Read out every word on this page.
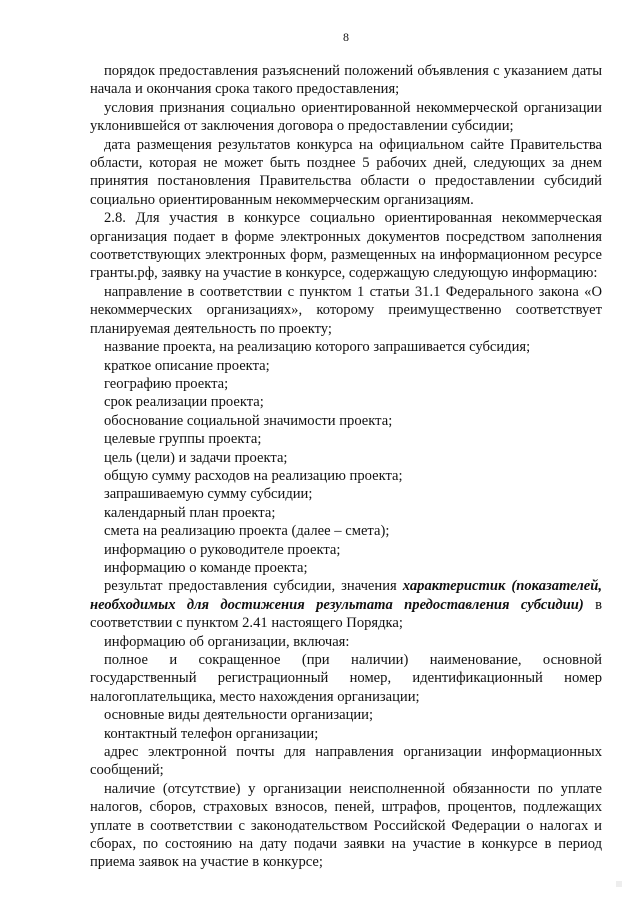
8

порядок предоставления разъяснений положений объявления с указанием даты начала и окончания срока такого предоставления;

условия признания социально ориентированной некоммерческой организации уклонившейся от заключения договора о предоставлении субсидии;

дата размещения результатов конкурса на официальном сайте Правительства области, которая не может быть позднее 5 рабочих дней, следующих за днем принятия постановления Правительства области о предоставлении субсидий социально ориентированным некоммерческим организациям.

2.8. Для участия в конкурсе социально ориентированная некоммерческая организация подает в форме электронных документов посредством заполнения соответствующих электронных форм, размещенных на информационном ресурсе гранты.рф, заявку на участие в конкурсе, содержащую следующую информацию:

направление в соответствии с пунктом 1 статьи 31.1 Федерального закона «О некоммерческих организациях», которому преимущественно соответствует планируемая деятельность по проекту;

название проекта, на реализацию которого запрашивается субсидия;

краткое описание проекта;

географию проекта;

срок реализации проекта;

обоснование социальной значимости проекта;

целевые группы проекта;

цель (цели) и задачи проекта;

общую сумму расходов на реализацию проекта;

запрашиваемую сумму субсидии;

календарный план проекта;

смета на реализацию проекта (далее – смета);

информацию о руководителе проекта;

информацию о команде проекта;

результат предоставления субсидии, значения характеристик (показателей, необходимых для достижения результата предоставления субсидии) в соответствии с пунктом 2.41 настоящего Порядка;

информацию об организации, включая:

полное и сокращенное (при наличии) наименование, основной государственный регистрационный номер, идентификационный номер налогоплательщика, место нахождения организации;

основные виды деятельности организации;

контактный телефон организации;

адрес электронной почты для направления организации информационных сообщений;

наличие (отсутствие) у организации неисполненной обязанности по уплате налогов, сборов, страховых взносов, пеней, штрафов, процентов, подлежащих уплате в соответствии с законодательством Российской Федерации о налогах и сборах, по состоянию на дату подачи заявки на участие в конкурсе в период приема заявок на участие в конкурсе;
